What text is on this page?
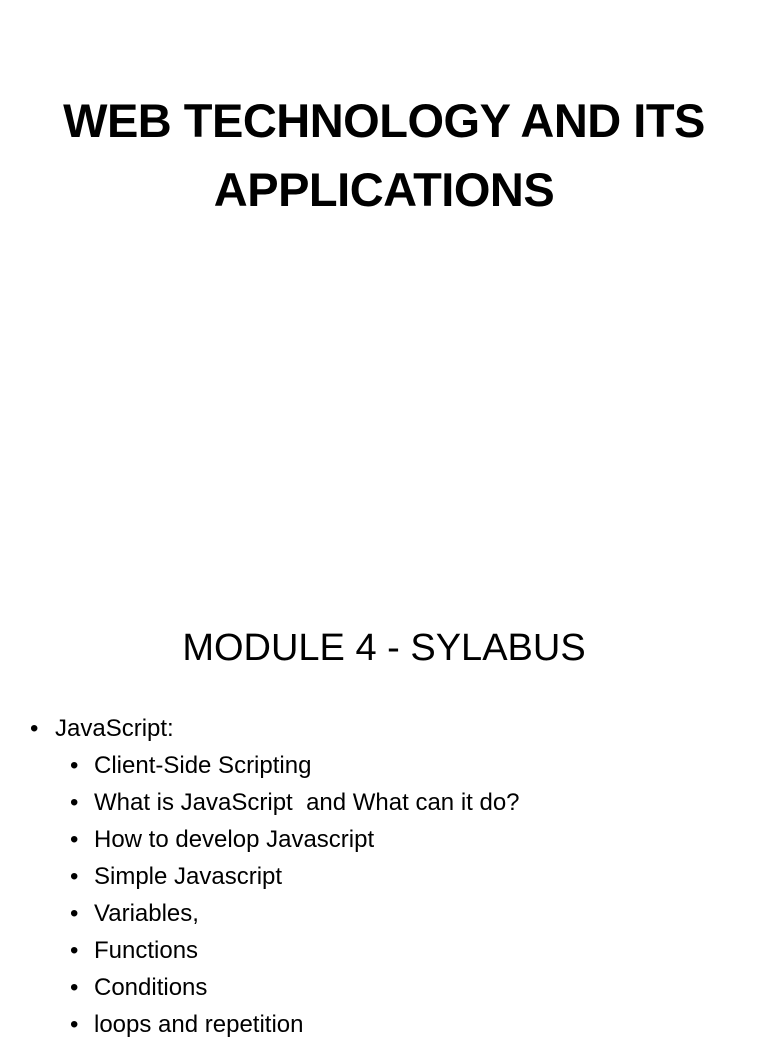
WEB TECHNOLOGY AND ITS APPLICATIONS
MODULE 4 - SYLABUS
• JavaScript:
• Client-Side Scripting
• What is JavaScript  and What can it do?
• How to develop Javascript
• Simple Javascript
• Variables,
• Functions
• Conditions
• loops and repetition
